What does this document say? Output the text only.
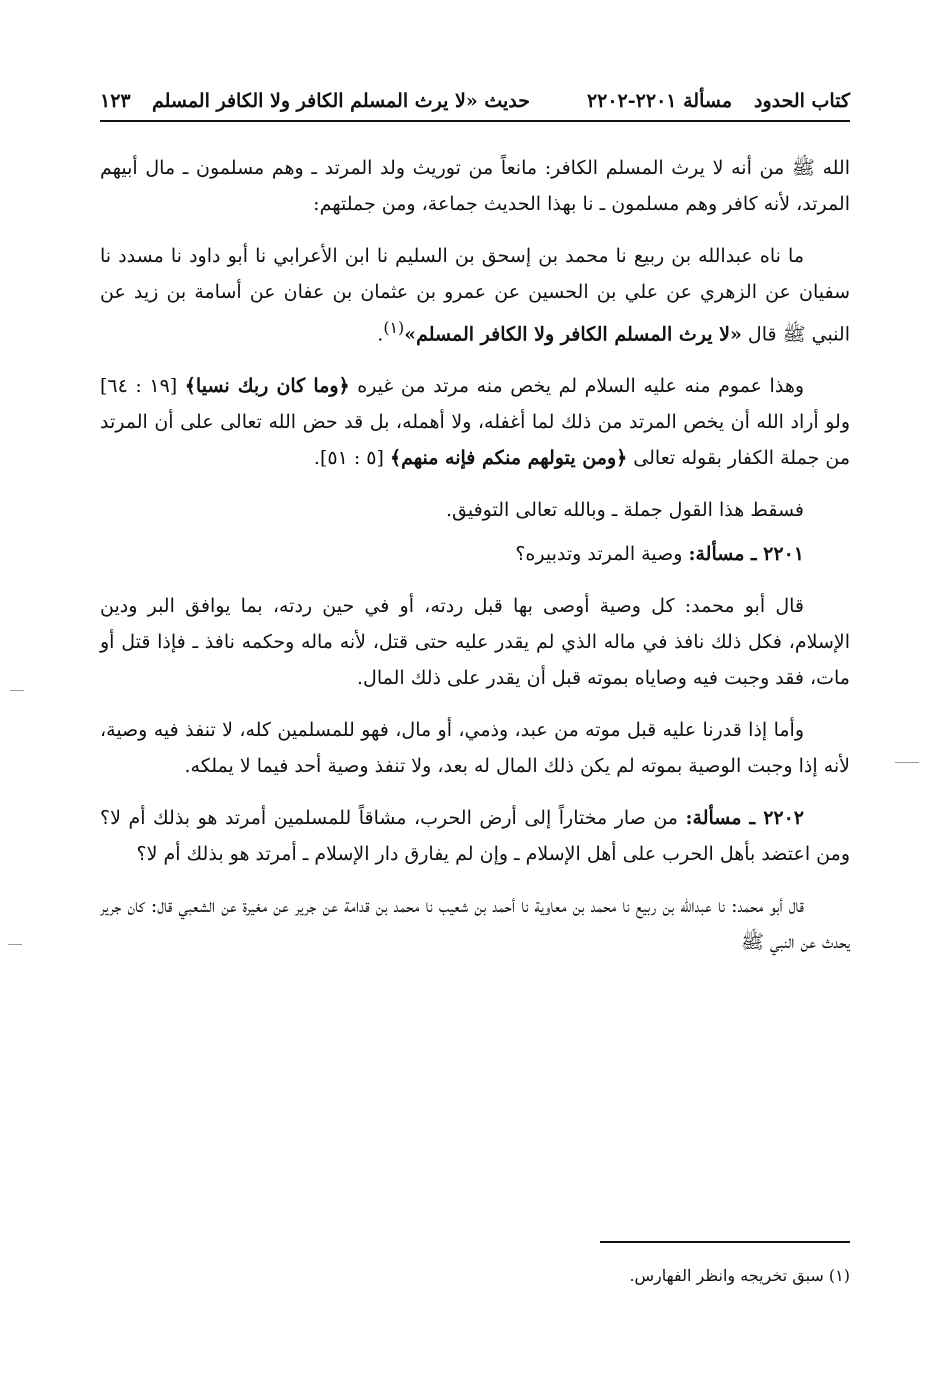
كتاب الحدود
مسألة ٢٢٠١-٢٢٠٢
حديث «لا يرث المسلم الكافر ولا الكافر المسلم
١٢٣

الله ﷺ من أنه لا يرث المسلم الكافر: مانعاً من توريث ولد المرتد ـ وهم مسلمون ـ مال أبيهم المرتد، لأنه كافر وهم مسلمون ـ نا بهذا الحديث جماعة، ومن جملتهم:

ما ناه عبدالله بن ربيع نا محمد بن إسحق بن السليم نا ابن الأعرابي نا أبو داود نا مسدد نا سفيان عن الزهري عن علي بن الحسين عن عمرو بن عثمان بن عفان عن أسامة بن زيد عن النبي ﷺ قال «لا يرث المسلم الكافر ولا الكافر المسلم»$^{(١)}$.

وهذا عموم منه عليه السلام لم يخص منه مرتد من غيره ﴿وما كان ربك نسيا﴾ [١٩ : ٦٤] ولو أراد الله أن يخص المرتد من ذلك لما أغفله، ولا أهمله، بل قد حض الله تعالى على أن المرتد من جملة الكفار بقوله تعالى ﴿ومن يتولهم منكم فإنه منهم﴾ [٥ : ٥١].

فسقط هذا القول جملة ـ وبالله تعالى التوفيق.

٢٢٠١ ـ مسألة: وصية المرتد وتدبيره؟

قال أبو محمد: كل وصية أوصى بها قبل ردته، أو في حين ردته، بما يوافق البر ودين الإسلام، فكل ذلك نافذ في ماله الذي لم يقدر عليه حتى قتل، لأنه ماله وحكمه نافذ ـ فإذا قتل أو مات، فقد وجبت فيه وصاياه بموته قبل أن يقدر على ذلك المال.

وأما إذا قدرنا عليه قبل موته من عبد، وذمي، أو مال، فهو للمسلمين كله، لا تنفذ فيه وصية، لأنه إذا وجبت الوصية بموته لم يكن ذلك المال له بعد، ولا تنفذ وصية أحد فيما لا يملكه.

٢٢٠٢ ـ مسألة: من صار مختاراً إلى أرض الحرب، مشاقاً للمسلمين أمرتد هو بذلك أم لا؟ ومن اعتضد بأهل الحرب على أهل الإسلام ـ وإن لم يفارق دار الإسلام ـ أمرتد هو بذلك أم لا؟

قال أبو محمد: نا عبدالله بن ربيع نا محمد بن معاوية نا أحمد بن شعيب نا محمد بن قدامة عن جرير عن مغيرة عن الشعبي قال: كان جرير يحدث عن النبي ﷺ

(١) سبق تخريجه وانظر الفهارس.
